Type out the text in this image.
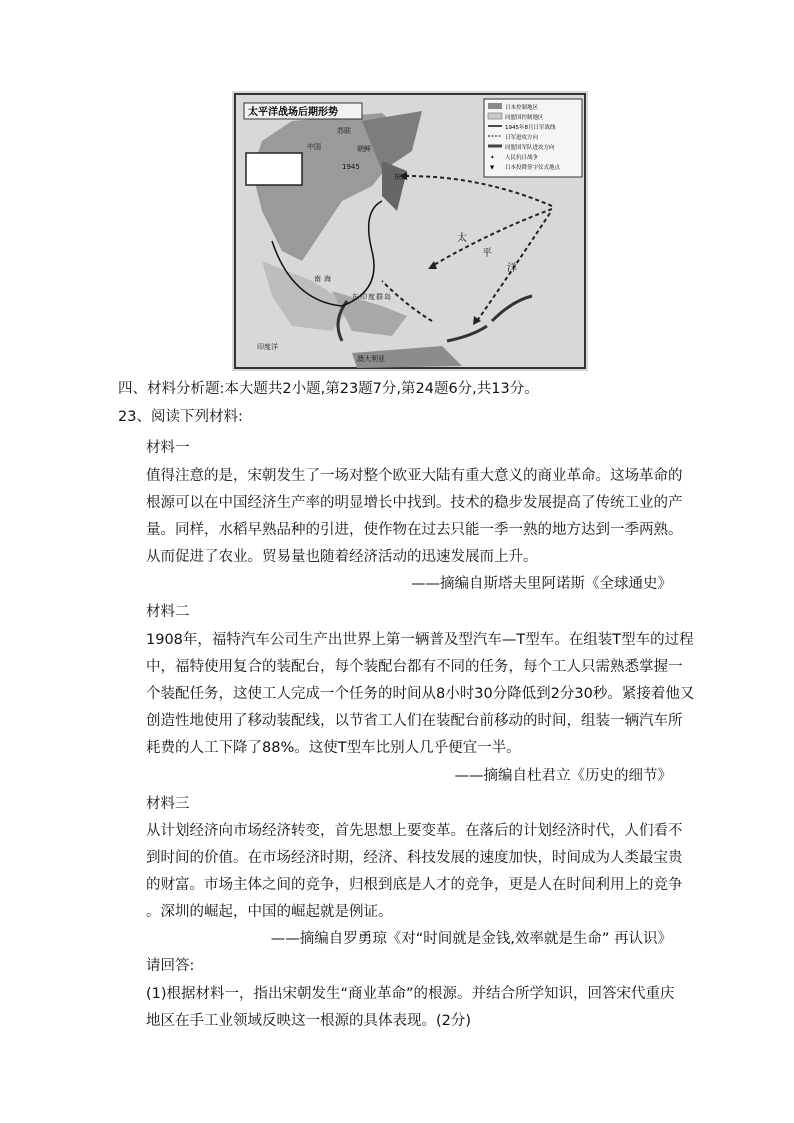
太平洋战场后期形势	日本控制地区
同盟国控制地区
1945年8月日军战线
日军进攻方向
同盟国军队进攻方向
✦ 人民抗日战争
▼ 日本投降签字仪式地点
苏联
中国
东京
朝鲜
太
平
洋
南 海
东 印 度 群 岛
澳大利亚
印度洋
1945
四、材料分析题:本大题共2小题,第23题7分,第24题6分,共13分。
23、阅读下列材料:
材料一
值得注意的是，宋朝发生了一场对整个欧亚大陆有重大意义的商业革命。这场革命的
根源可以在中国经济生产率的明显增长中找到。技术的稳步发展提高了传统工业的产
量。同样，水稻早熟品种的引进，使作物在过去只能一季一熟的地方达到一季两熟。
从而促进了农业。贸易量也随着经济活动的迅速发展而上升。
——摘编自斯塔夫里阿诺斯《全球通史》
材料二
1908年，福特汽车公司生产出世界上第一辆普及型汽车—T型车。在组装T型车的过程
中，福特使用复合的装配台，每个装配台都有不同的任务，每个工人只需熟悉掌握一
个装配任务，这使工人完成一个任务的时间从8小时30分降低到2分30秒。紧接着他又
创造性地使用了移动装配线，以节省工人们在装配台前移动的时间，组装一辆汽车所
耗费的人工下降了88%。这使T型车比别人几乎便宜一半。
——摘编自杜君立《历史的细节》
材料三
从计划经济向市场经济转变，首先思想上要变革。在落后的计划经济时代，人们看不
到时间的价值。在市场经济时期，经济、科技发展的速度加快，时间成为人类最宝贵
的财富。市场主体之间的竞争，归根到底是人才的竞争，更是人在时间利用上的竞争
。深圳的崛起，中国的崛起就是例证。
——摘编自罗勇琼《对“时间就是金钱,效率就是生命” 再认识》
请回答:
(1)根据材料一，指出宋朝发生“商业革命”的根源。并结合所学知识，回答宋代重庆
地区在手工业领域反映这一根源的具体表现。(2分)
